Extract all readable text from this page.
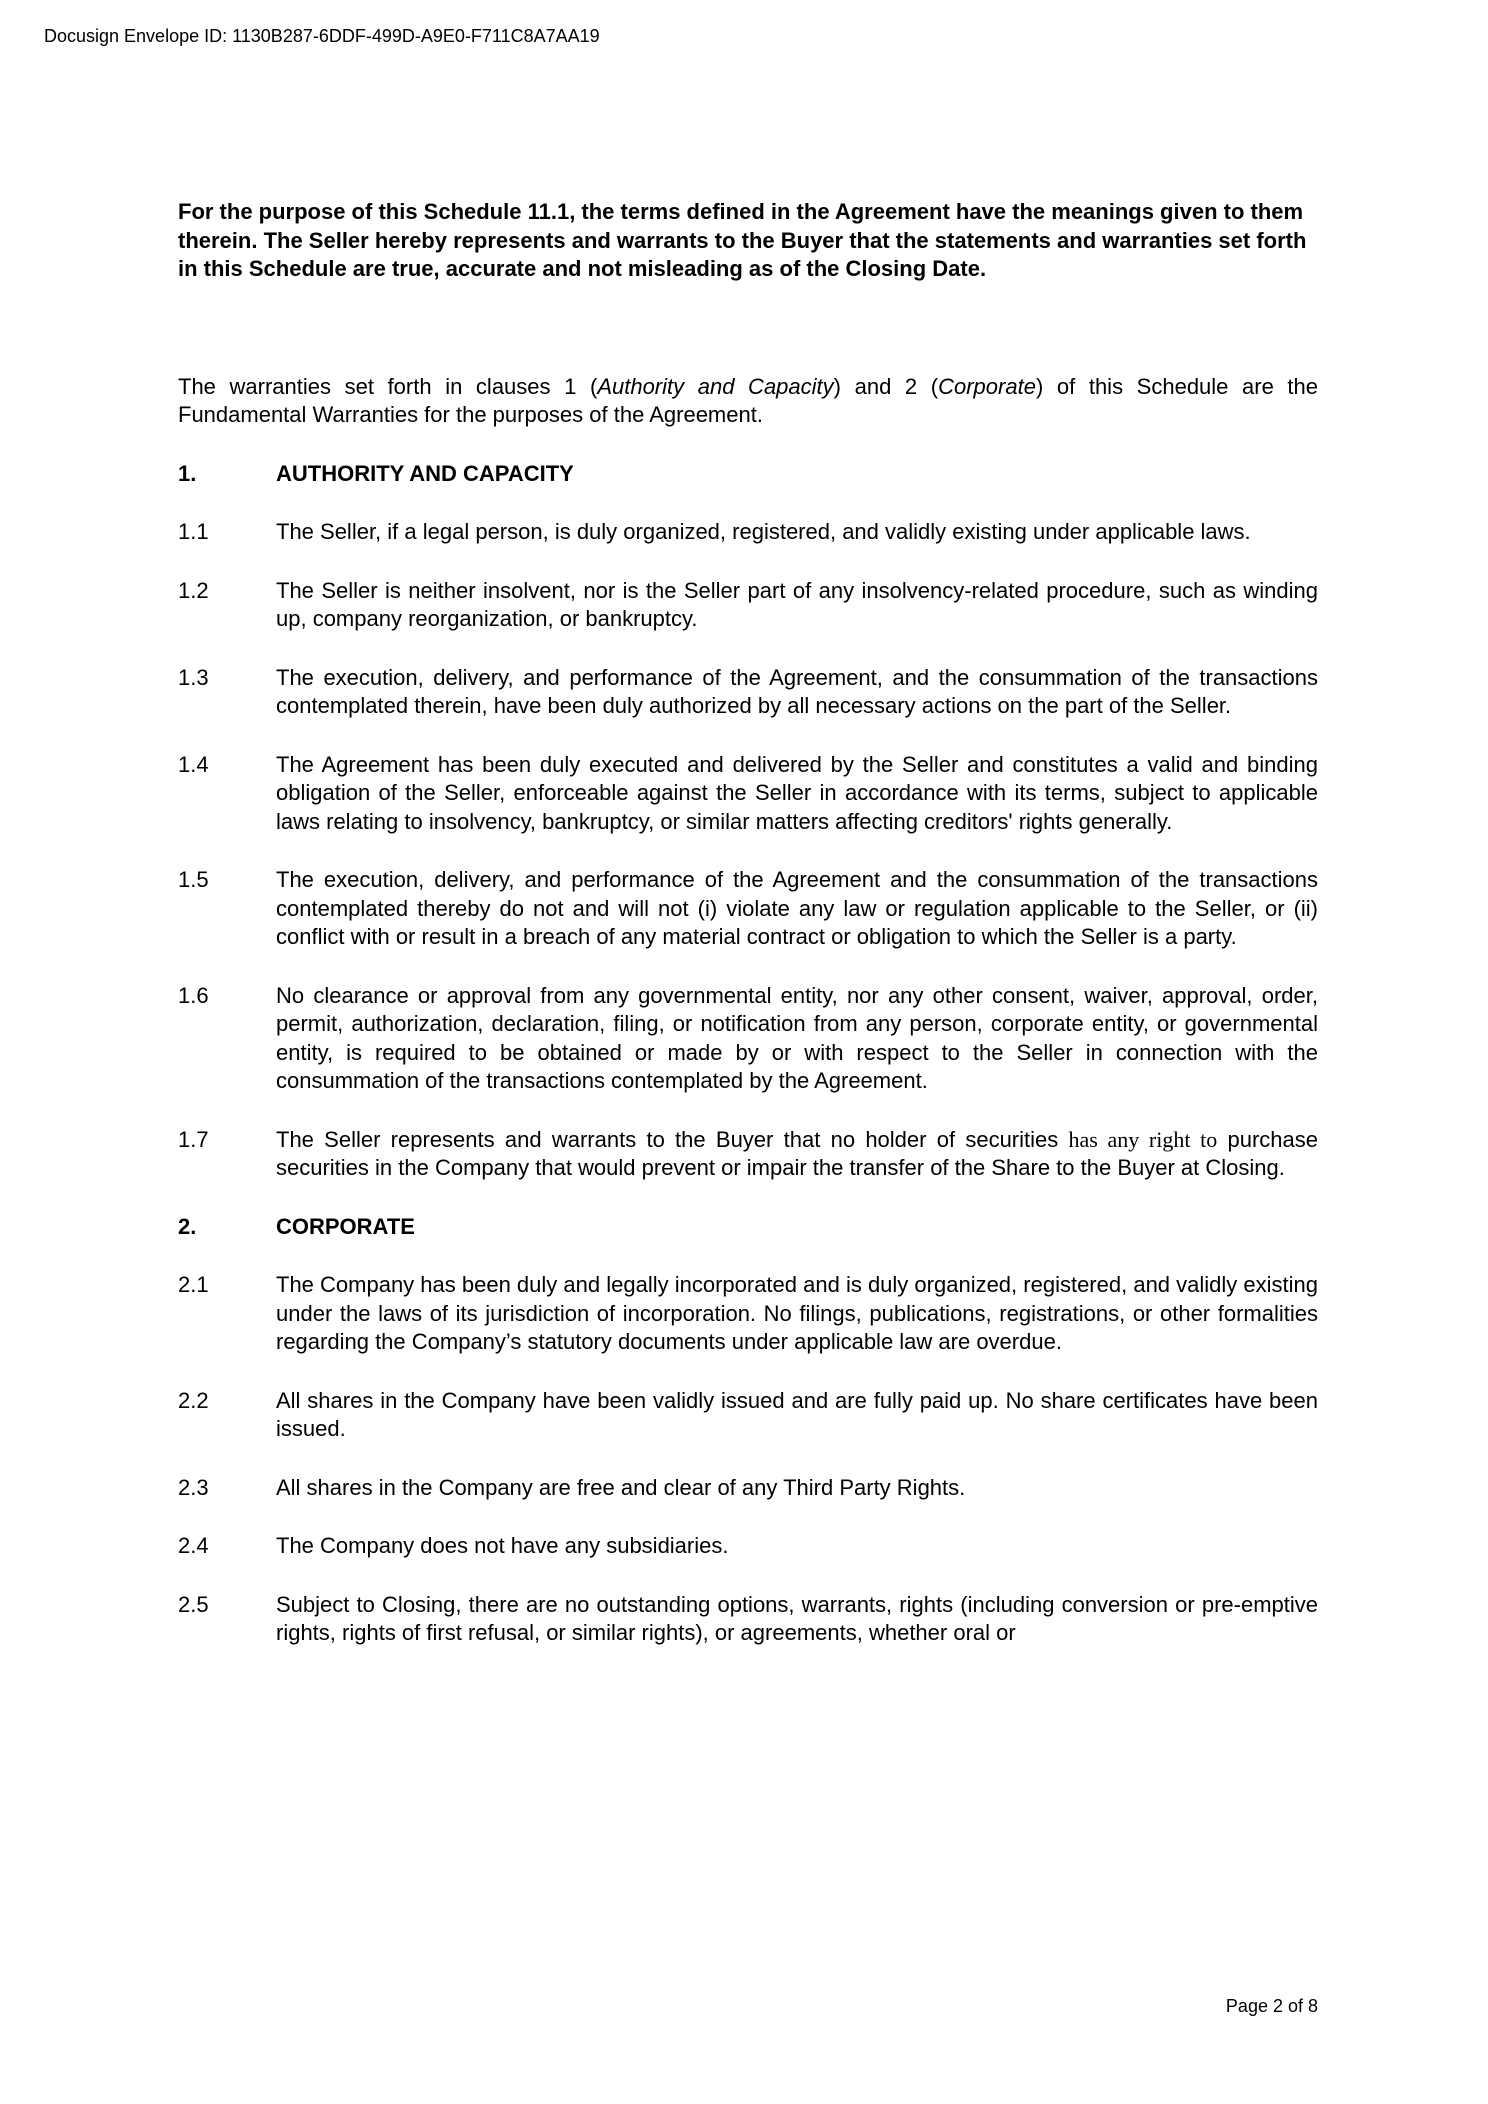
Docusign Envelope ID: 1130B287-6DDF-499D-A9E0-F711C8A7AA19

For the purpose of this Schedule 11.1, the terms defined in the Agreement have the meanings given to them therein. The Seller hereby represents and warrants to the Buyer that the statements and warranties set forth in this Schedule are true, accurate and not misleading as of the Closing Date.

The warranties set forth in clauses 1 (Authority and Capacity) and 2 (Corporate) of this Schedule are the Fundamental Warranties for the purposes of the Agreement.

1.	AUTHORITY AND CAPACITY
1.1	The Seller, if a legal person, is duly organized, registered, and validly existing under applicable laws.
1.2	The Seller is neither insolvent, nor is the Seller part of any insolvency-related procedure, such as winding up, company reorganization, or bankruptcy.
1.3	The execution, delivery, and performance of the Agreement, and the consummation of the transactions contemplated therein, have been duly authorized by all necessary actions on the part of the Seller.
1.4	The Agreement has been duly executed and delivered by the Seller and constitutes a valid and binding obligation of the Seller, enforceable against the Seller in accordance with its terms, subject to applicable laws relating to insolvency, bankruptcy, or similar matters affecting creditors' rights generally.
1.5	The execution, delivery, and performance of the Agreement and the consummation of the transactions contemplated thereby do not and will not (i) violate any law or regulation applicable to the Seller, or (ii) conflict with or result in a breach of any material contract or obligation to which the Seller is a party.
1.6	No clearance or approval from any governmental entity, nor any other consent, waiver, approval, order, permit, authorization, declaration, filing, or notification from any person, corporate entity, or governmental entity, is required to be obtained or made by or with respect to the Seller in connection with the consummation of the transactions contemplated by the Agreement.
1.7	The Seller represents and warrants to the Buyer that no holder of securities has any right to purchase securities in the Company that would prevent or impair the transfer of the Share to the Buyer at Closing.
2.	CORPORATE
2.1	The Company has been duly and legally incorporated and is duly organized, registered, and validly existing under the laws of its jurisdiction of incorporation. No filings, publications, registrations, or other formalities regarding the Company’s statutory documents under applicable law are overdue.
2.2	All shares in the Company have been validly issued and are fully paid up. No share certificates have been issued.
2.3	All shares in the Company are free and clear of any Third Party Rights.
2.4	The Company does not have any subsidiaries.
2.5	Subject to Closing, there are no outstanding options, warrants, rights (including conversion or pre-emptive rights, rights of first refusal, or similar rights), or agreements, whether oral or
Page 2 of 8
